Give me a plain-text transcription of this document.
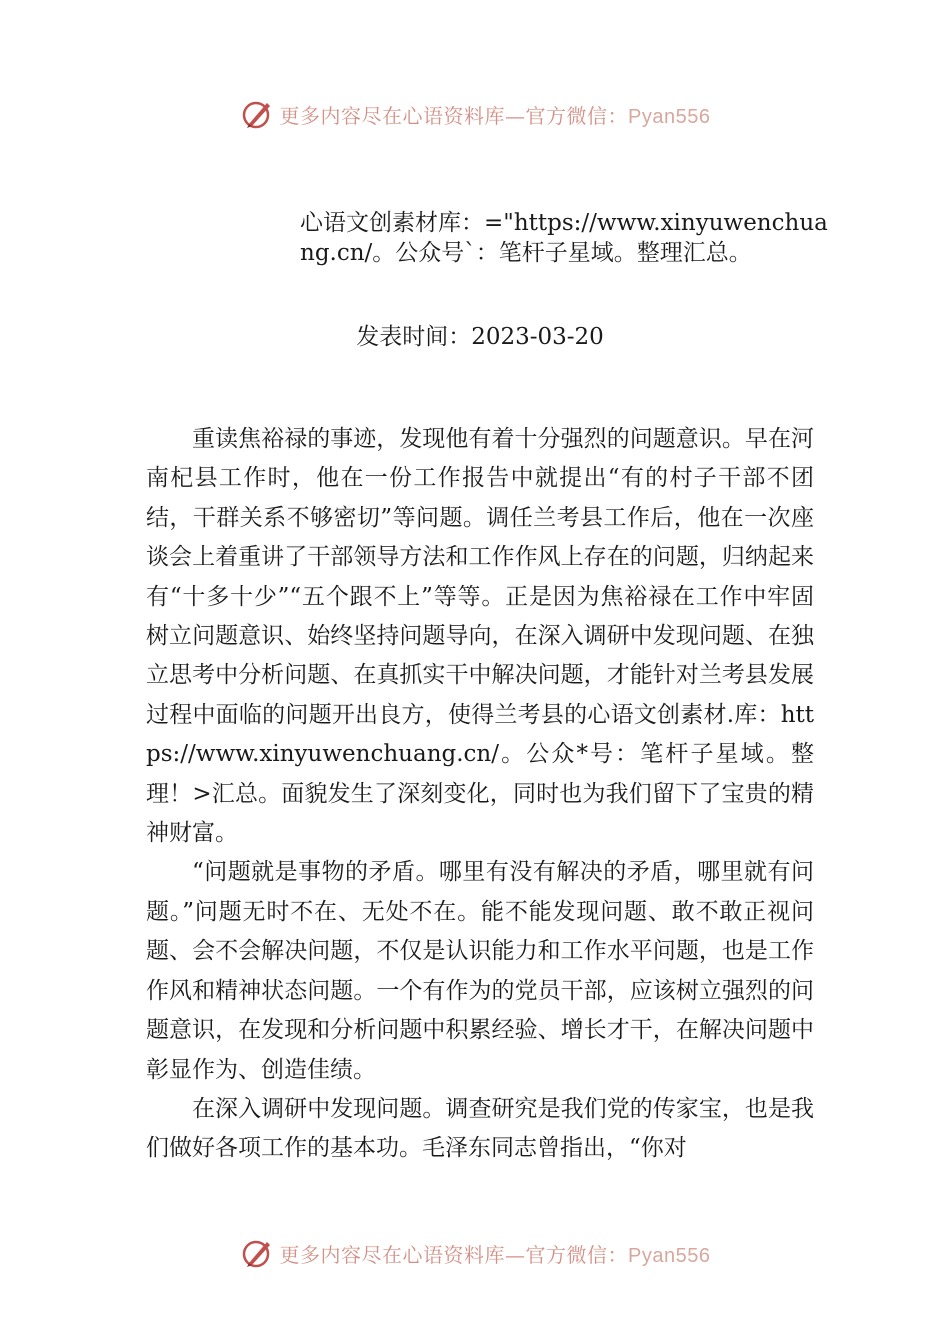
更多内容尽在心语资料库—官方微信：Pyan556
心语文创素材库：="https://www.xinyuwenchuang.cn/。公众号`：笔杆子星域。整理汇总。
发表时间：2023-03-20

重读焦裕禄的事迹，发现他有着十分强烈的问题意识。早在河南杞县工作时，他在一份工作报告中就提出“有的村子干部不团结，干群关系不够密切”等问题。调任兰考县工作后，他在一次座谈会上着重讲了干部领导方法和工作作风上存在的问题，归纳起来有“十多十少”“五个跟不上”等等。正是因为焦裕禄在工作中牢固树立问题意识、始终坚持问题导向，在深入调研中发现问题、在独立思考中分析问题、在真抓实干中解决问题，才能针对兰考县发展过程中面临的问题开出良方，使得兰考县的心语文创素材.库：https://www.xinyuwenchuang.cn/。公众*号：笔杆子星域。整理！>汇总。面貌发生了深刻变化，同时也为我们留下了宝贵的精神财富。

“问题就是事物的矛盾。哪里有没有解决的矛盾，哪里就有问题。”问题无时不在、无处不在。能不能发现问题、敢不敢正视问题、会不会解决问题，不仅是认识能力和工作水平问题，也是工作作风和精神状态问题。一个有作为的党员干部，应该树立强烈的问题意识，在发现和分析问题中积累经验、增长才干，在解决问题中彰显作为、创造佳绩。

在深入调研中发现问题。调查研究是我们党的传家宝，也是我们做好各项工作的基本功。毛泽东同志曾指出，“你对

更多内容尽在心语资料库—官方微信：Pyan556
